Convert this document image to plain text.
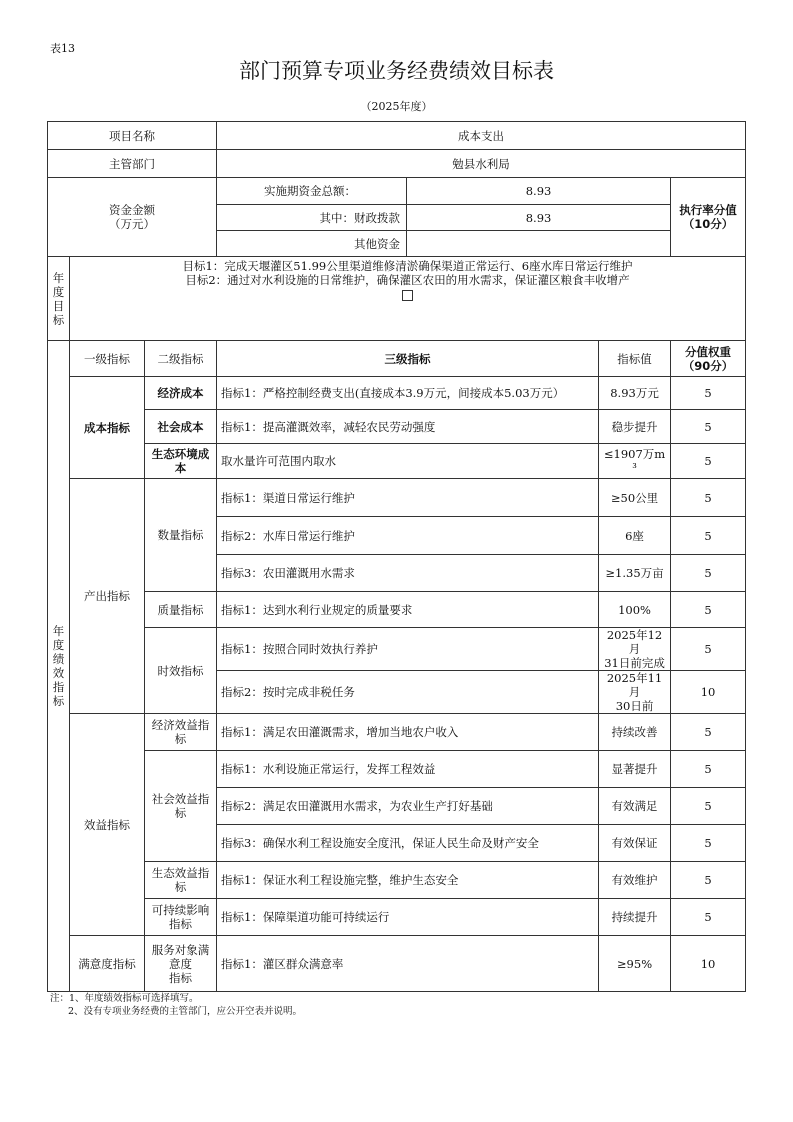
表13
部门预算专项业务经费绩效目标表
（2025年度）
项目名称			成本支出			
主管部门			勉县水利局			
资金金额
（万元）			实施期资金总额：	8.93		执行率分值
（10分）
			其中：财政拨款	8.93		
			其他资金			
年度目标	目标1：完成天堰灌区51.99公里渠道维修清淤确保渠道正常运行、6座水库日常运行维护
目标2：通过对水利设施的日常维护，确保灌区农田的用水需求，保证灌区粮食丰收增产					

年度绩效指标	一级指标	二级指标	三级指标		指标值	分值权重
（90分）
	成本指标	经济成本	指标1：严格控制经费支出(直接成本3.9万元，间接成本5.03万元）		8.93万元	5
		社会成本	指标1：提高灌溉效率，减轻农民劳动强度		稳步提升	5
		生态环境成本	取水量许可范围内取水		≤1907万m³	5
	产出指标	数量指标	指标1：渠道日常运行维护		≥50公里	5
			指标2：水库日常运行维护		6座	5
			指标3：农田灌溉用水需求		≥1.35万亩	5
		质量指标	指标1：达到水利行业规定的质量要求		100%	5
		时效指标	指标1：按照合同时效执行养护		2025年12月
31日前完成	5
			指标2：按时完成非税任务		2025年11月
30日前	10
	效益指标	经济效益指标	指标1：满足农田灌溉需求，增加当地农户收入		持续改善	5
		社会效益指标	指标1：水利设施正常运行，发挥工程效益		显著提升	5
			指标2：满足农田灌溉用水需求，为农业生产打好基础		有效满足	5
			指标3：确保水利工程设施安全度汛，保证人民生命及财产安全		有效保证	5
		生态效益指标	指标1：保证水利工程设施完整，维护生态安全		有效维护	5
		可持续影响指标	指标1：保障渠道功能可持续运行		持续提升	5
	满意度指标	服务对象满意度
指标	指标1：灌区群众满意率		≥95%	10
注：1、年度绩效指标可选择填写。
2、没有专项业务经费的主管部门，应公开空表并说明。
